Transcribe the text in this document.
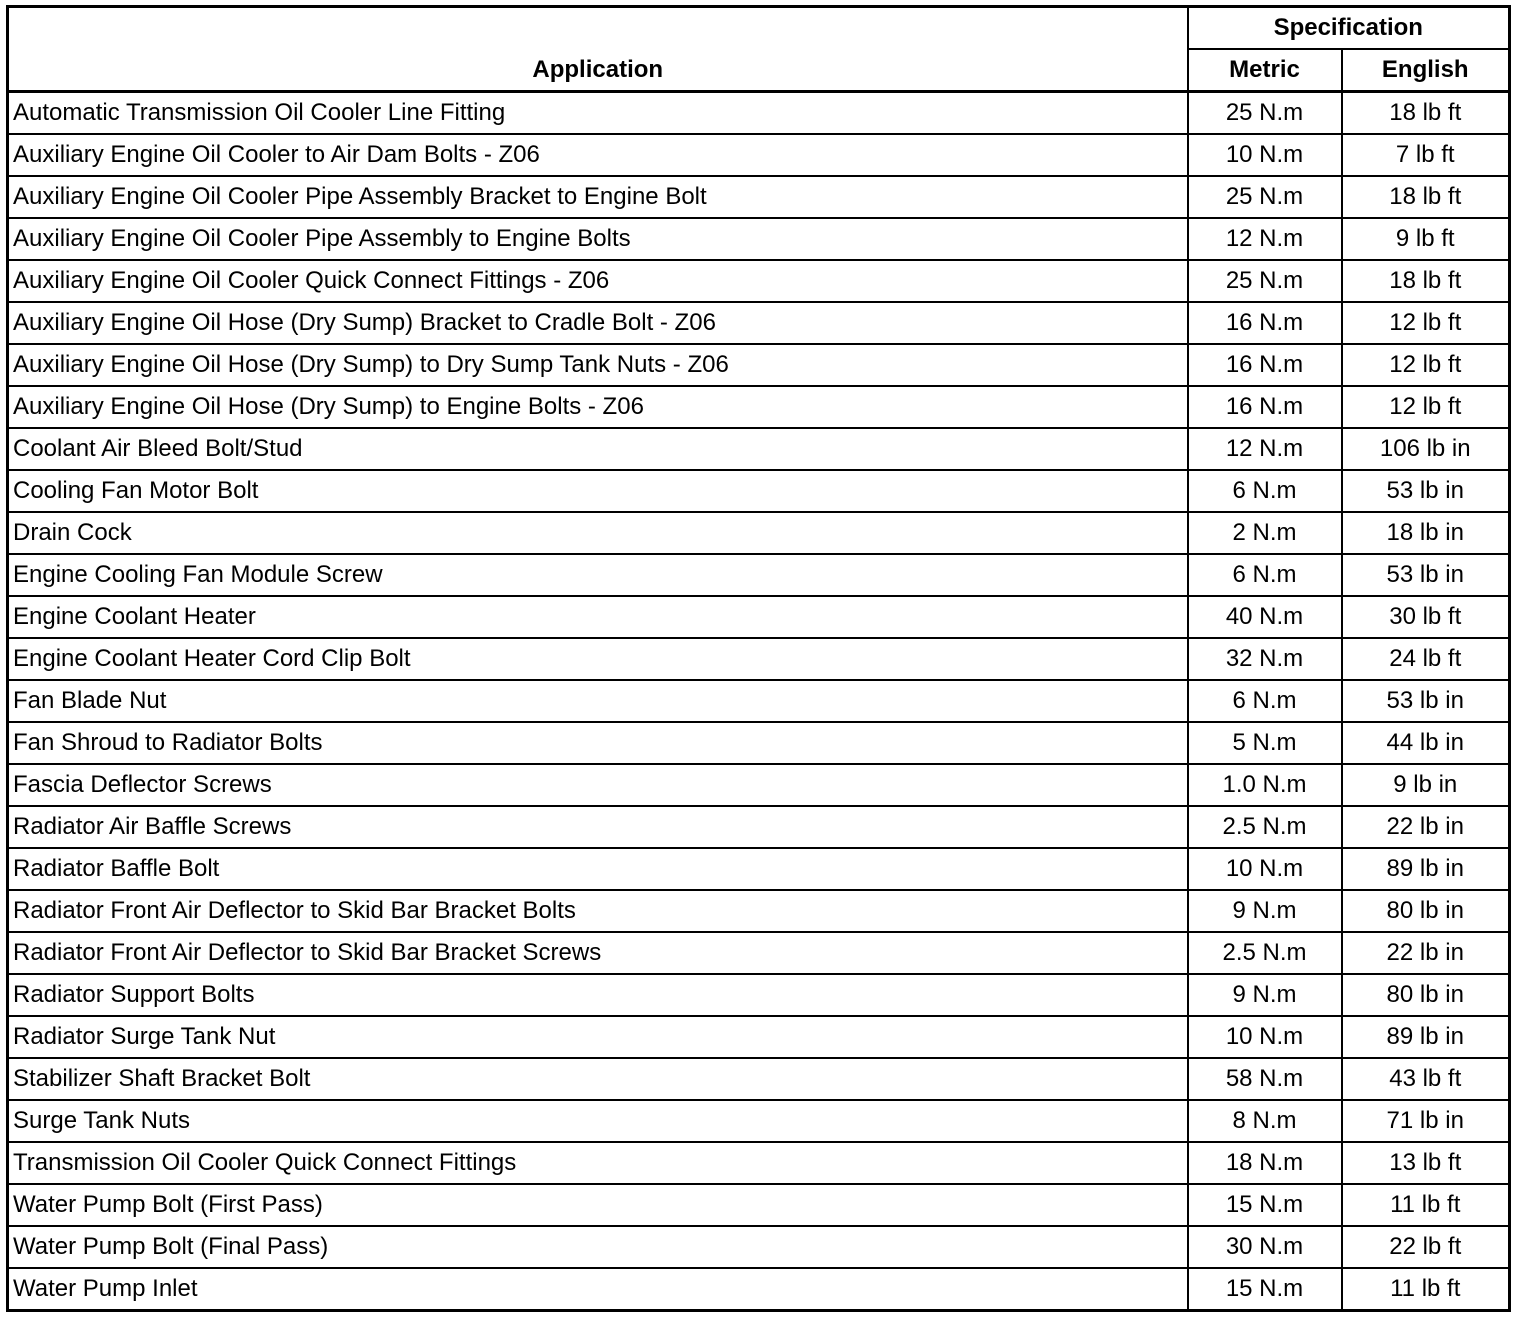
Application	Specification	
	Metric	English
Automatic Transmission Oil Cooler Line Fitting	25 N.m	18 lb ft
Auxiliary Engine Oil Cooler to Air Dam Bolts - Z06	10 N.m	7 lb ft
Auxiliary Engine Oil Cooler Pipe Assembly Bracket to Engine Bolt	25 N.m	18 lb ft
Auxiliary Engine Oil Cooler Pipe Assembly to Engine Bolts	12 N.m	9 lb ft
Auxiliary Engine Oil Cooler Quick Connect Fittings - Z06	25 N.m	18 lb ft
Auxiliary Engine Oil Hose (Dry Sump) Bracket to Cradle Bolt - Z06	16 N.m	12 lb ft
Auxiliary Engine Oil Hose (Dry Sump) to Dry Sump Tank Nuts - Z06	16 N.m	12 lb ft
Auxiliary Engine Oil Hose (Dry Sump) to Engine Bolts - Z06	16 N.m	12 lb ft
Coolant Air Bleed Bolt/Stud	12 N.m	106 lb in
Cooling Fan Motor Bolt	6 N.m	53 lb in
Drain Cock	2 N.m	18 lb in
Engine Cooling Fan Module Screw	6 N.m	53 lb in
Engine Coolant Heater	40 N.m	30 lb ft
Engine Coolant Heater Cord Clip Bolt	32 N.m	24 lb ft
Fan Blade Nut	6 N.m	53 lb in
Fan Shroud to Radiator Bolts	5 N.m	44 lb in
Fascia Deflector Screws	1.0 N.m	9 lb in
Radiator Air Baffle Screws	2.5 N.m	22 lb in
Radiator Baffle Bolt	10 N.m	89 lb in
Radiator Front Air Deflector to Skid Bar Bracket Bolts	9 N.m	80 lb in
Radiator Front Air Deflector to Skid Bar Bracket Screws	2.5 N.m	22 lb in
Radiator Support Bolts	9 N.m	80 lb in
Radiator Surge Tank Nut	10 N.m	89 lb in
Stabilizer Shaft Bracket Bolt	58 N.m	43 lb ft
Surge Tank Nuts	8 N.m	71 lb in
Transmission Oil Cooler Quick Connect Fittings	18 N.m	13 lb ft
Water Pump Bolt (First Pass)	15 N.m	11 lb ft
Water Pump Bolt (Final Pass)	30 N.m	22 lb ft
Water Pump Inlet	15 N.m	11 lb ft
